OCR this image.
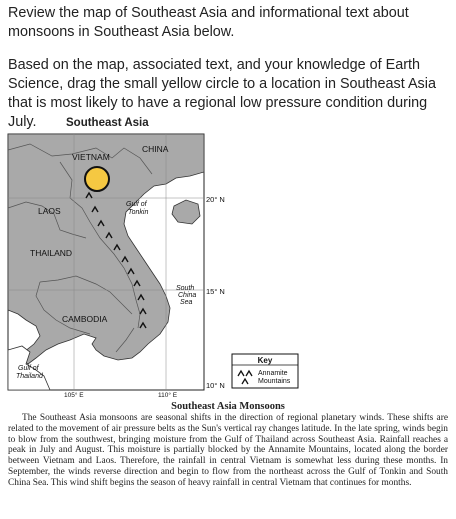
Review the map of Southeast Asia and informational text about monsoons in Southeast Asia below.

Based on the map, associated text, and your knowledge of Earth Science, drag the small yellow circle to a location in Southeast Asia that is most likely to have a regional low pressure condition during July.	Southeast Asia
CHINA
VIETNAM
LAOS
THAILAND
CAMBODIA
Gulf of
Tonkin
South
China
Sea
Gulf of
Thailand
20° N
15° N
10° N
105° E	110° E
Key
Annamite
Mountains
Southeast Asia Monsoons

The Southeast Asia monsoons are seasonal shifts in the direction of regional planetary winds. These shifts are related to the movement of air pressure belts as the Sun's vertical ray changes latitude. In the late spring, winds begin to blow from the southwest, bringing moisture from the Gulf of Thailand across Southeast Asia. Rainfall reaches a peak in July and August. This moisture is partially blocked by the Annamite Mountains, located along the border between Vietnam and Laos. Therefore, the rainfall in central Vietnam is somewhat less during these months. In September, the winds reverse direction and begin to flow from the northeast across the Gulf of Tonkin and South China Sea. This wind shift begins the season of heavy rainfall in central Vietnam that continues for months.
